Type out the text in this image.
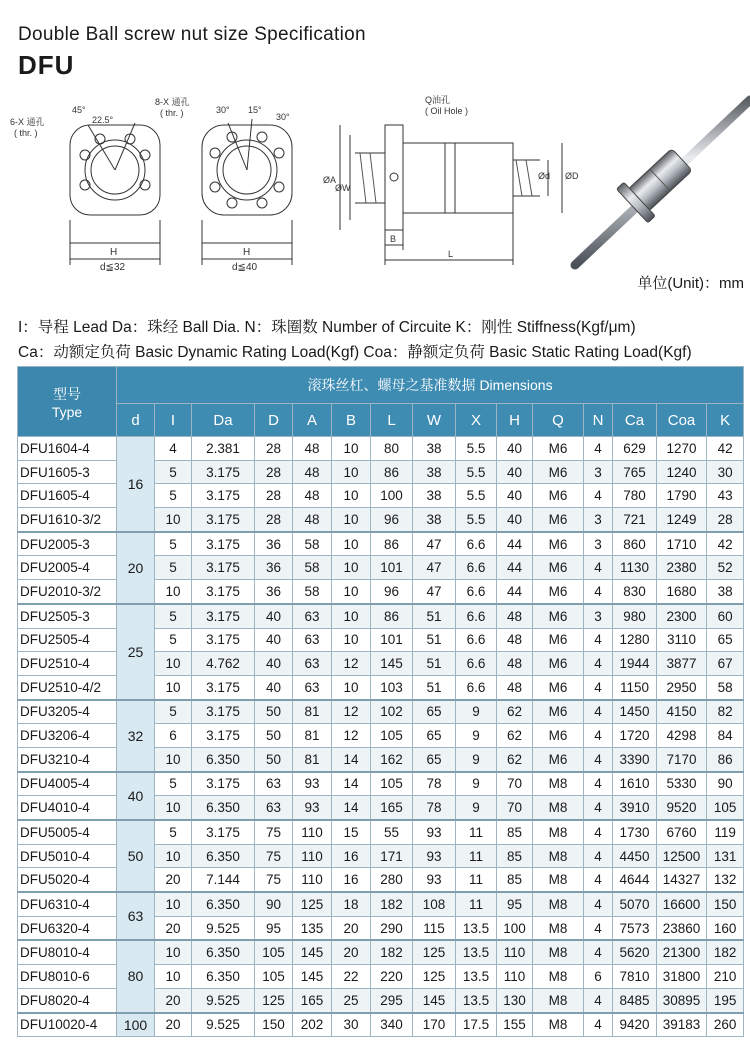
Double Ball screw nut size Specification
DFU
45°
22.5°
6-X 通孔
( thr. )
H
d≦32
30° 15°
30°
8-X 通孔
( thr. )
H
d≦40
Q油孔
( Oil Hole )
ØA
ØW
Ød ØD
B
L
单位(Unit)：mm
I：导程 Lead Da：珠经 Ball Dia. N：珠圈数 Number of Circuite K：刚性 Stiffness(Kgf/μm)
Ca：动额定负荷 Basic Dynamic Rating Load(Kgf) Coa：静额定负荷 Basic Static Rating Load(Kgf)
型号
Type	滚珠丝杠、螺母之基准数据 Dimensions														
	d	I	Da	D	A	B	L	W	X	H	Q	N	Ca	Coa	K
DFU1604-4	16	4	2.381	28	48	10	80	38	5.5	40	M6	4	629	1270	42
DFU1605-3		5	3.175	28	48	10	86	38	5.5	40	M6	3	765	1240	30
DFU1605-4		5	3.175	28	48	10	100	38	5.5	40	M6	4	780	1790	43
DFU1610-3/2		10	3.175	28	48	10	96	38	5.5	40	M6	3	721	1249	28
DFU2005-3	20	5	3.175	36	58	10	86	47	6.6	44	M6	3	860	1710	42
DFU2005-4		5	3.175	36	58	10	101	47	6.6	44	M6	4	1130	2380	52
DFU2010-3/2		10	3.175	36	58	10	96	47	6.6	44	M6	4	830	1680	38
DFU2505-3	25	5	3.175	40	63	10	86	51	6.6	48	M6	3	980	2300	60
DFU2505-4		5	3.175	40	63	10	101	51	6.6	48	M6	4	1280	3110	65
DFU2510-4		10	4.762	40	63	12	145	51	6.6	48	M6	4	1944	3877	67
DFU2510-4/2		10	3.175	40	63	10	103	51	6.6	48	M6	4	1150	2950	58
DFU3205-4	32	5	3.175	50	81	12	102	65	9	62	M6	4	1450	4150	82
DFU3206-4		6	3.175	50	81	12	105	65	9	62	M6	4	1720	4298	84
DFU3210-4		10	6.350	50	81	14	162	65	9	62	M6	4	3390	7170	86
DFU4005-4	40	5	3.175	63	93	14	105	78	9	70	M8	4	1610	5330	90
DFU4010-4		10	6.350	63	93	14	165	78	9	70	M8	4	3910	9520	105
DFU5005-4	50	5	3.175	75	110	15	55	93	11	85	M8	4	1730	6760	119
DFU5010-4		10	6.350	75	110	16	171	93	11	85	M8	4	4450	12500	131
DFU5020-4		20	7.144	75	110	16	280	93	11	85	M8	4	4644	14327	132
DFU6310-4	63	10	6.350	90	125	18	182	108	11	95	M8	4	5070	16600	150
DFU6320-4		20	9.525	95	135	20	290	115	13.5	100	M8	4	7573	23860	160
DFU8010-4	80	10	6.350	105	145	20	182	125	13.5	110	M8	4	5620	21300	182
DFU8010-6		10	6.350	105	145	22	220	125	13.5	110	M8	6	7810	31800	210
DFU8020-4		20	9.525	125	165	25	295	145	13.5	130	M8	4	8485	30895	195
DFU10020-4	100	20	9.525	150	202	30	340	170	17.5	155	M8	4	9420	39183	260
